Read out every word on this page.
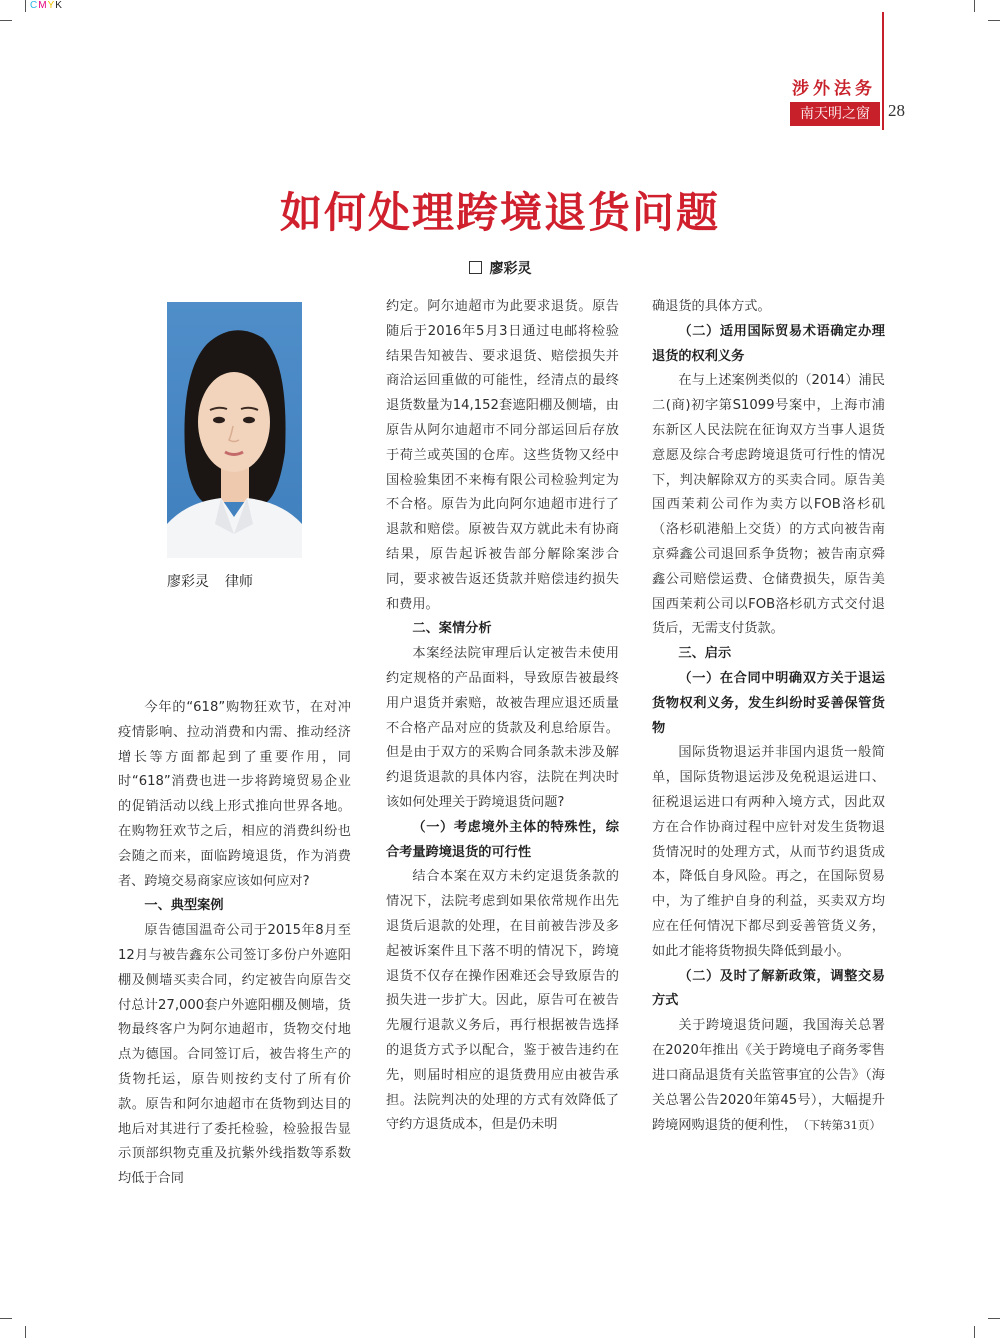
CMYK
涉外法务
南天明之窗	28
如何处理跨境退货问题
廖彩灵
廖彩灵 律师

今年的“618”购物狂欢节，在对冲疫情影响、拉动消费和内需、推动经济增长等方面都起到了重要作用，同时“618”消费也进一步将跨境贸易企业的促销活动以线上形式推向世界各地。在购物狂欢节之后，相应的消费纠纷也会随之而来，面临跨境退货，作为消费者、跨境交易商家应该如何应对?

一、典型案例

原告德国温奇公司于2015年8月至12月与被告鑫东公司签订多份户外遮阳棚及侧墙买卖合同，约定被告向原告交付总计27,000套户外遮阳棚及侧墙，货物最终客户为阿尔迪超市，货物交付地点为德国。合同签订后，被告将生产的货物托运，原告则按约支付了所有价款。原告和阿尔迪超市在货物到达目的地后对其进行了委托检验，检验报告显示顶部织物克重及抗紫外线指数等系数均低于合同

约定。阿尔迪超市为此要求退货。原告随后于2016年5月3日通过电邮将检验结果告知被告、要求退货、赔偿损失并商洽运回重做的可能性，经清点的最终退货数量为14,152套遮阳棚及侧墙，由原告从阿尔迪超市不同分部运回后存放于荷兰或英国的仓库。这些货物又经中国检验集团不来梅有限公司检验判定为不合格。原告为此向阿尔迪超市进行了退款和赔偿。原被告双方就此未有协商结果，原告起诉被告部分解除案涉合同，要求被告返还货款并赔偿违约损失和费用。

二、案情分析

本案经法院审理后认定被告未使用约定规格的产品面料，导致原告被最终用户退货并索赔，故被告理应退还质量不合格产品对应的货款及利息给原告。但是由于双方的采购合同条款未涉及解约退货退款的具体内容，法院在判决时该如何处理关于跨境退货问题?

（一）考虑境外主体的特殊性，综合考量跨境退货的可行性

结合本案在双方未约定退货条款的情况下，法院考虑到如果依常规作出先退货后退款的处理，在目前被告涉及多起被诉案件且下落不明的情况下，跨境退货不仅存在操作困难还会导致原告的损失进一步扩大。因此，原告可在被告先履行退款义务后，再行根据被告选择的退货方式予以配合，鉴于被告违约在先，则届时相应的退货费用应由被告承担。法院判决的处理的方式有效降低了守约方退货成本，但是仍未明

确退货的具体方式。

（二）适用国际贸易术语确定办理退货的权利义务

在与上述案例类似的（2014）浦民二(商)初字第S1099号案中，上海市浦东新区人民法院在征询双方当事人退货意愿及综合考虑跨境退货可行性的情况下，判决解除双方的买卖合同。原告美国西茉莉公司作为卖方以FOB洛杉矶（洛杉矶港船上交货）的方式向被告南京舜鑫公司退回系争货物；被告南京舜鑫公司赔偿运费、仓储费损失，原告美国西茉莉公司以FOB洛杉矶方式交付退货后，无需支付货款。

三、启示

（一）在合同中明确双方关于退运货物权利义务，发生纠纷时妥善保管货物

国际货物退运并非国内退货一般简单，国际货物退运涉及免税退运进口、征税退运进口有两种入境方式，因此双方在合作协商过程中应针对发生货物退货情况时的处理方式，从而节约退货成本，降低自身风险。再之，在国际贸易中，为了维护自身的利益，买卖双方均应在任何情况下都尽到妥善管货义务，如此才能将货物损失降低到最小。

（二）及时了解新政策，调整交易方式

关于跨境退货问题，我国海关总署在2020年推出《关于跨境电子商务零售进口商品退货有关监管事宜的公告》（海关总署公告2020年第45号），大幅提升跨境网购退货的便利性， （下转第31页）
